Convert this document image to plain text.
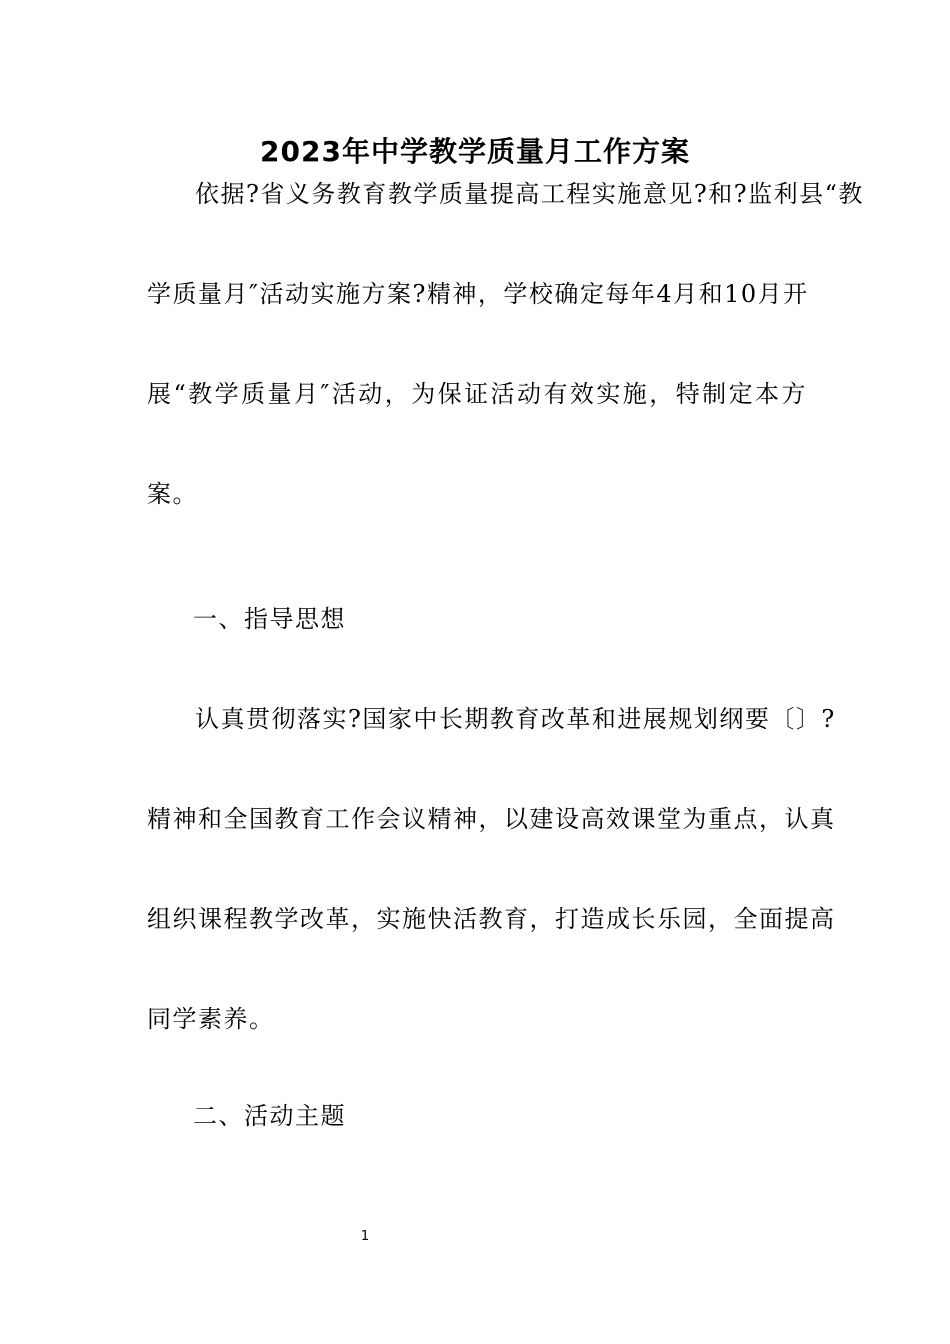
2023年中学教学质量月工作方案
依据?省义务教育教学质量提高工程实施意见?和?监利县“教
学质量月″活动实施方案?精神，学校确定每年4月和10月开
展“教学质量月″活动，为保证活动有效实施，特制定本方
案。
一、指导思想
认真贯彻落实?国家中长期教育改革和进展规划纲要〔〕?
精神和全国教育工作会议精神，以建设高效课堂为重点，认真
组织课程教学改革，实施快活教育，打造成长乐园，全面提高
同学素养。
二、活动主题
1
